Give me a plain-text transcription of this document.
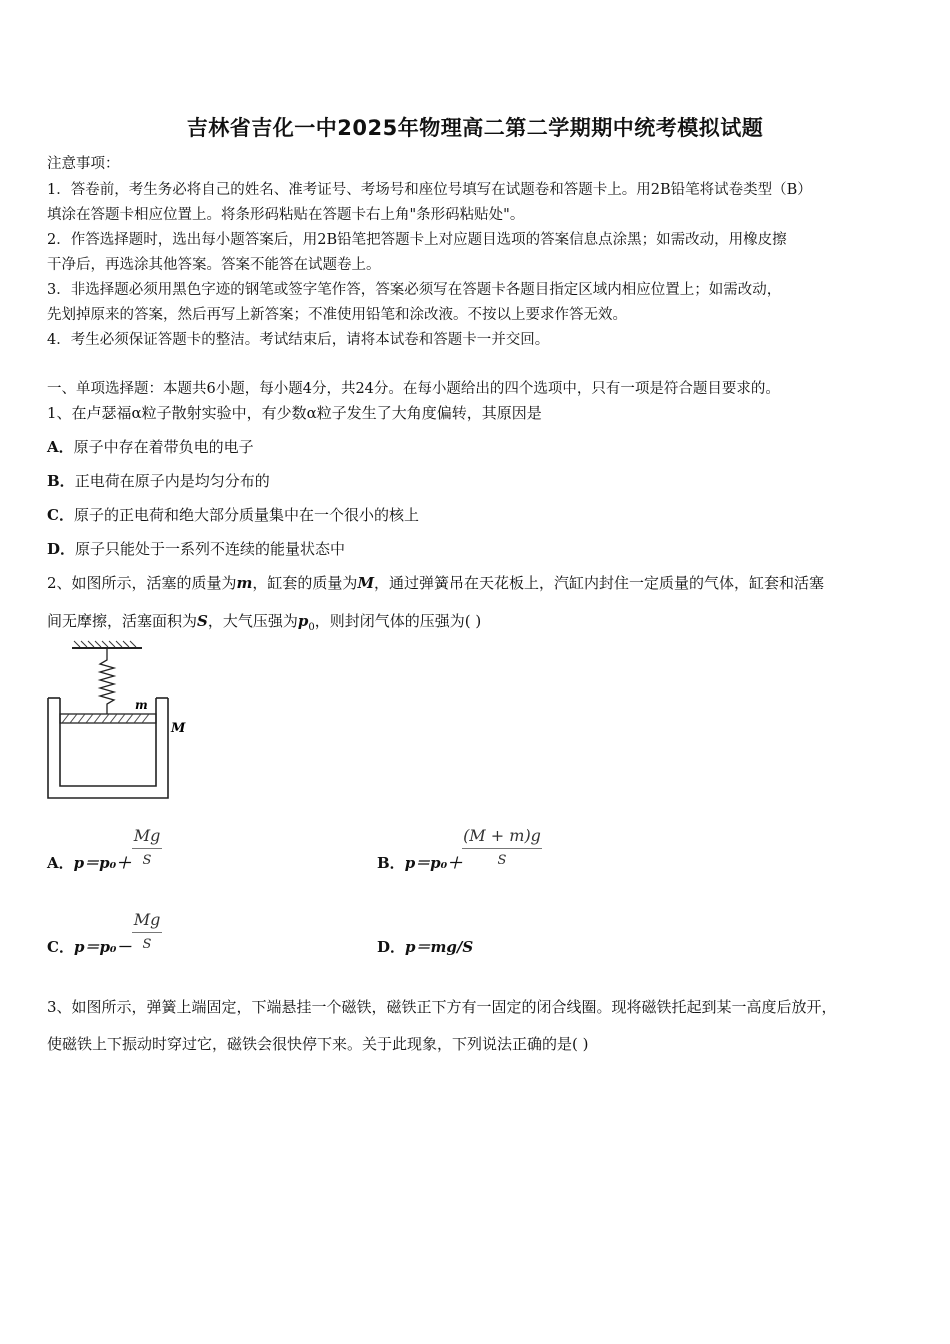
吉林省吉化一中2025年物理高二第二学期期中统考模拟试题
注意事项：
1．答卷前，考生务必将自己的姓名、准考证号、考场号和座位号填写在试题卷和答题卡上。用2B铅笔将试卷类型（B）
填涂在答题卡相应位置上。将条形码粘贴在答题卡右上角"条形码粘贴处"。
2．作答选择题时，选出每小题答案后，用2B铅笔把答题卡上对应题目选项的答案信息点涂黑；如需改动，用橡皮擦
干净后，再选涂其他答案。答案不能答在试题卷上。
3．非选择题必须用黑色字迹的钢笔或签字笔作答，答案必须写在答题卡各题目指定区域内相应位置上；如需改动，
先划掉原来的答案，然后再写上新答案；不准使用铅笔和涂改液。不按以上要求作答无效。
4．考生必须保证答题卡的整洁。考试结束后，请将本试卷和答题卡一并交回。
一、单项选择题：本题共6小题，每小题4分，共24分。在每小题给出的四个选项中，只有一项是符合题目要求的。
1、在卢瑟福α粒子散射实验中，有少数α粒子发生了大角度偏转，其原因是
A．原子中存在着带负电的电子
B．正电荷在原子内是均匀分布的
C．原子的正电荷和绝大部分质量集中在一个很小的核上
D．原子只能处于一系列不连续的能量状态中
2、如图所示，活塞的质量为m，缸套的质量为M，通过弹簧吊在天花板上，汽缸内封住一定质量的气体，缸套和活塞
间无摩擦，活塞面积为S，大气压强为$p_0$，则封闭气体的压强为( )
m
M
A．p＝p₀＋
Mg
S	B．p＝p₀＋
(M + m)g
S
C．p＝p₀－
Mg
S	D．p＝mg/S
3、如图所示，弹簧上端固定，下端悬挂一个磁铁，磁铁正下方有一固定的闭合线圈。现将磁铁托起到某一高度后放开，
使磁铁上下振动时穿过它，磁铁会很快停下来。关于此现象，下列说法正确的是( )
